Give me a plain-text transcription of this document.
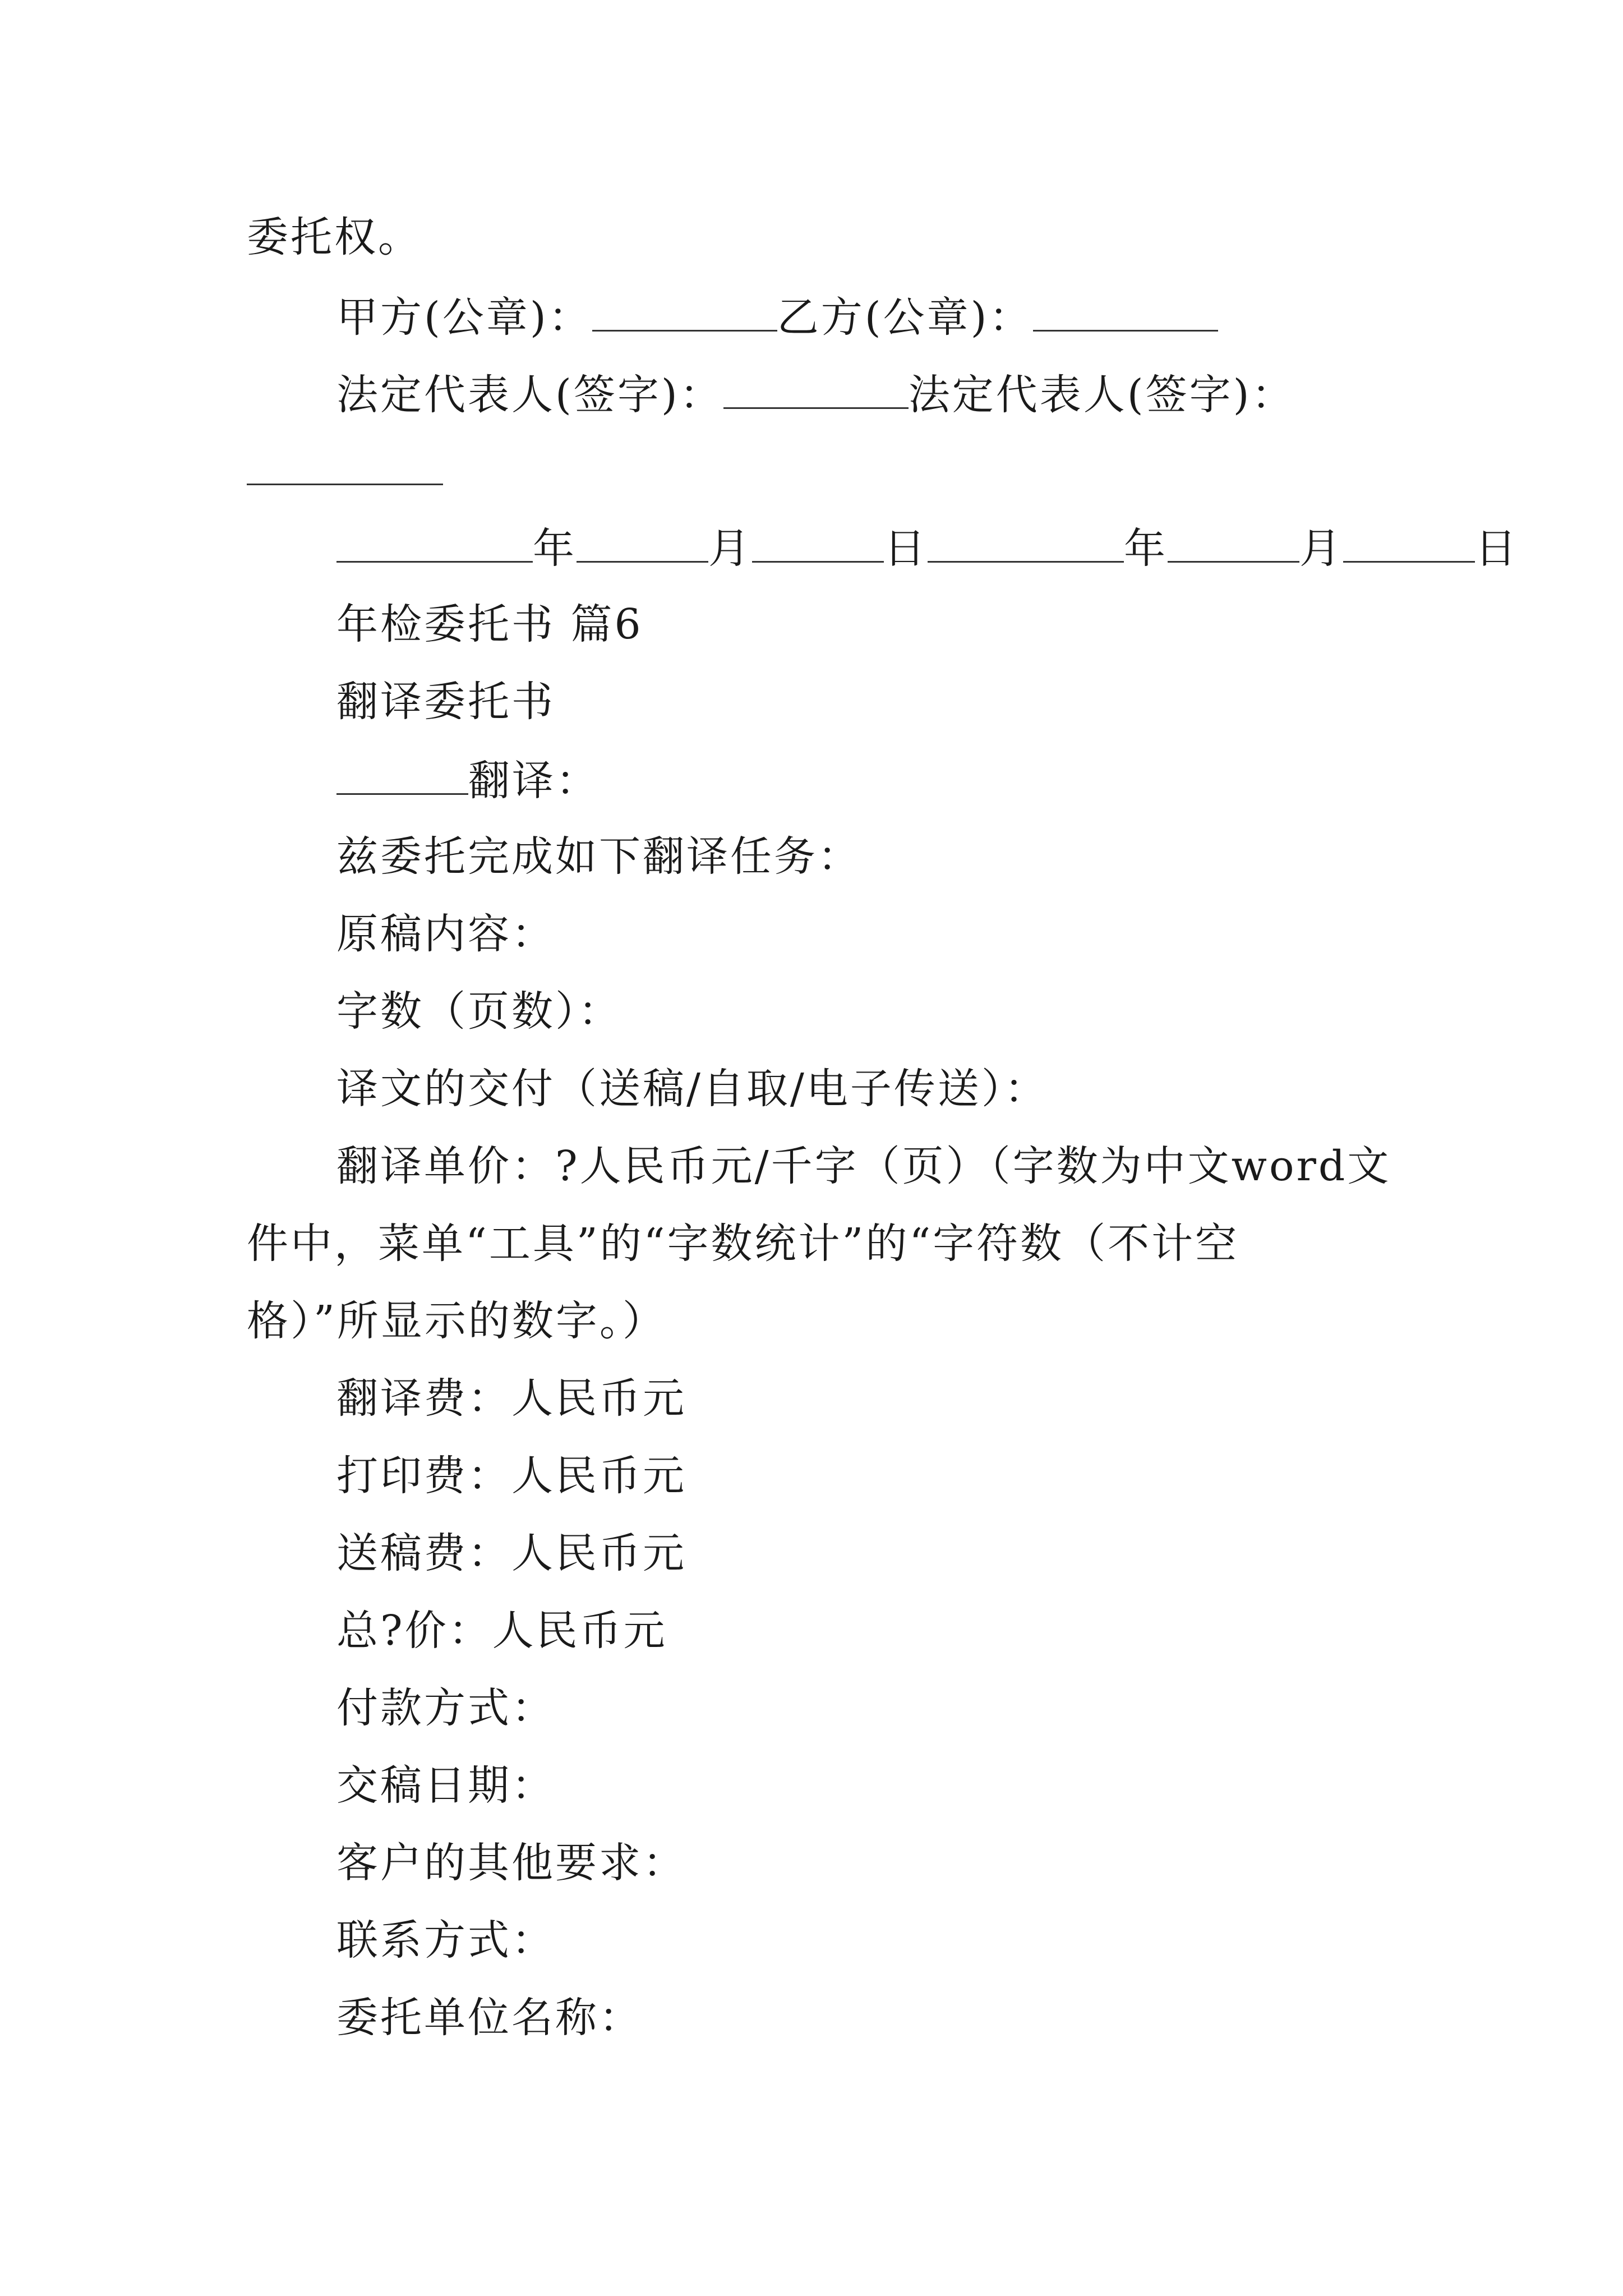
委托权。
甲方(公章)：	乙方(公章)：
法定代表人(签字)：	法定代表人(签字)：
年	月	日	年	月	日
年检委托书 篇6
翻译委托书
翻译：
兹委托完成如下翻译任务：
原稿内容：
字数（页数）：
译文的交付（送稿/自取/电子传送）：
翻译单价：?人民币元/千字（页）（字数为中文word文
件中，菜单“工具”的“字数统计”的“字符数（不计空
格）”所显示的数字。）
翻译费：人民币元
打印费：人民币元
送稿费：人民币元
总?价：人民币元
付款方式：
交稿日期：
客户的其他要求：
联系方式：
委托单位名称：
